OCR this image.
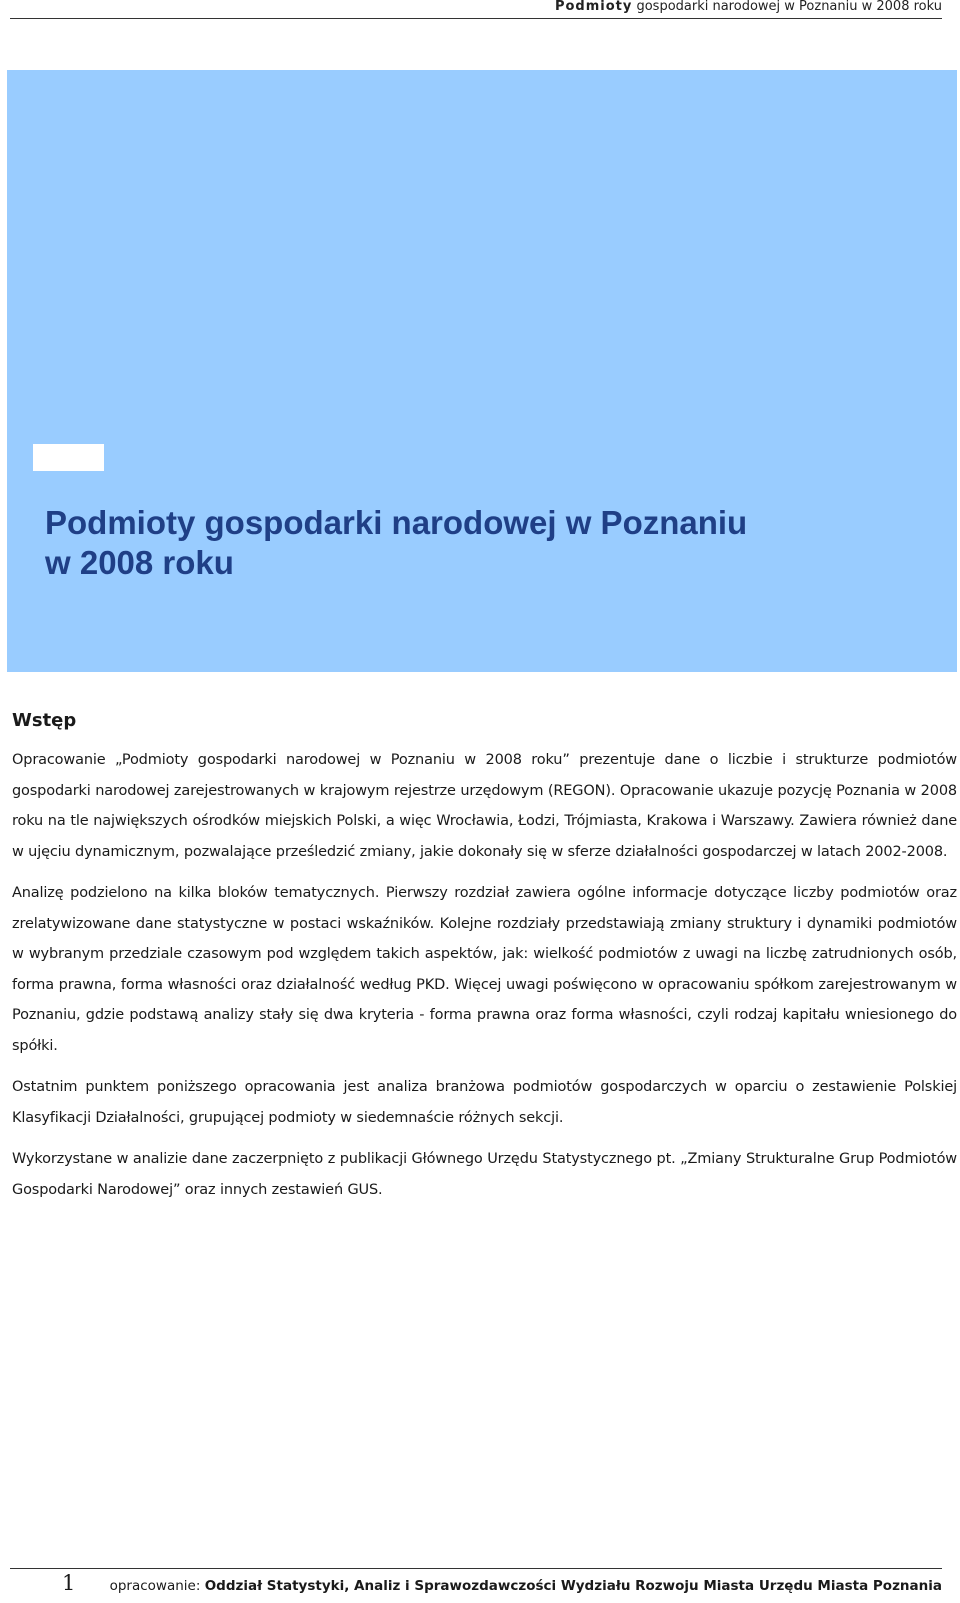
Podmioty gospodarki narodowej w Poznaniu w 2008 roku
Podmioty gospodarki narodowej w Poznaniu
w 2008 roku
Wstęp

Opracowanie „Podmioty gospodarki narodowej w Poznaniu w 2008 roku” prezentuje dane o liczbie i strukturze podmiotów gospodarki narodowej zarejestrowanych w krajowym rejestrze urzędowym (REGON). Opracowanie ukazuje pozycję Poznania w 2008 roku na tle największych ośrodków miejskich Polski, a więc Wrocławia, Łodzi, Trójmiasta, Krakowa i Warszawy. Zawiera również dane w ujęciu dynamicznym, pozwalające prześledzić zmiany, jakie dokonały się w sferze działalności gospodarczej w latach 2002-2008.

Analizę podzielono na kilka bloków tematycznych. Pierwszy rozdział zawiera ogólne informacje dotyczące liczby podmiotów oraz zrelatywizowane dane statystyczne w postaci wskaźników. Kolejne rozdziały przedstawiają zmiany struktury i dynamiki podmiotów w wybranym przedziale czasowym pod względem takich aspektów, jak: wielkość podmiotów z uwagi na liczbę zatrudnionych osób, forma prawna, forma własności oraz działalność według PKD. Więcej uwagi poświęcono w opracowaniu spółkom zarejestrowanym w Poznaniu, gdzie podstawą analizy stały się dwa kryteria - forma prawna oraz forma własności, czyli rodzaj kapitału wniesionego do spółki.

Ostatnim punktem poniższego opracowania jest analiza branżowa podmiotów gospodarczych w oparciu o zestawienie Polskiej Klasyfikacji Działalności, grupującej podmioty w siedemnaście różnych sekcji.

Wykorzystane w analizie dane zaczerpnięto z publikacji Głównego Urzędu Statystycznego pt. „Zmiany Strukturalne Grup Podmiotów Gospodarki Narodowej” oraz innych zestawień GUS.

1	opracowanie: Oddział Statystyki, Analiz i Sprawozdawczości Wydziału Rozwoju Miasta Urzędu Miasta Poznania
